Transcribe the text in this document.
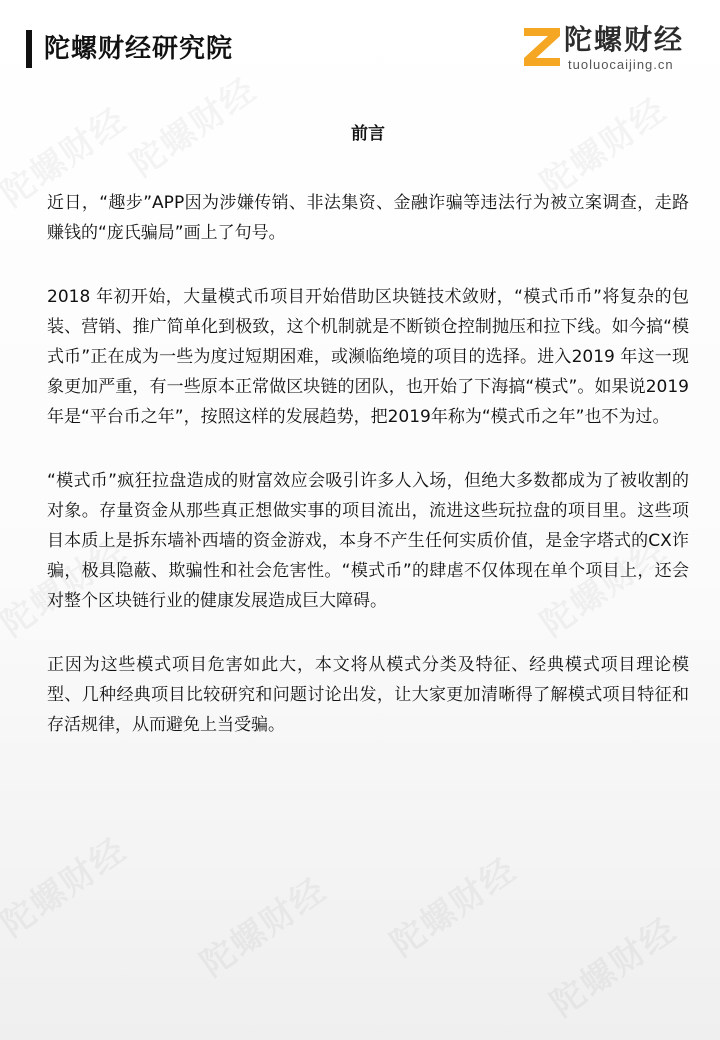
陀螺财经研究院	陀螺财经
tuoluocaijing.cn
前言

近日，“趣步”APP因为涉嫌传销、非法集资、金融诈骗等违法行为被立案调查，走路赚钱的“庞氏骗局”画上了句号。

2018 年初开始，大量模式币项目开始借助区块链技术敛财，“模式币币”将复杂的包装、营销、推广简单化到极致，这个机制就是不断锁仓控制抛压和拉下线。如今搞“模式币”正在成为一些为度过短期困难，或濒临绝境的项目的选择。进入2019 年这一现象更加严重，有一些原本正常做区块链的团队，也开始了下海搞“模式”。如果说2019年是“平台币之年”，按照这样的发展趋势，把2019年称为“模式币之年”也不为过。

“模式币”疯狂拉盘造成的财富效应会吸引许多人入场，但绝大多数都成为了被收割的对象。存量资金从那些真正想做实事的项目流出，流进这些玩拉盘的项目里。这些项目本质上是拆东墙补西墙的资金游戏，本身不产生任何实质价值，是金字塔式的CX诈骗，极具隐蔽、欺骗性和社会危害性。“模式币”的肆虐不仅体现在单个项目上，还会对整个区块链行业的健康发展造成巨大障碍。

正因为这些模式项目危害如此大，本文将从模式分类及特征、经典模式项目理论模型、几种经典项目比较研究和问题讨论出发，让大家更加清晰得了解模式项目特征和存活规律，从而避免上当受骗。
